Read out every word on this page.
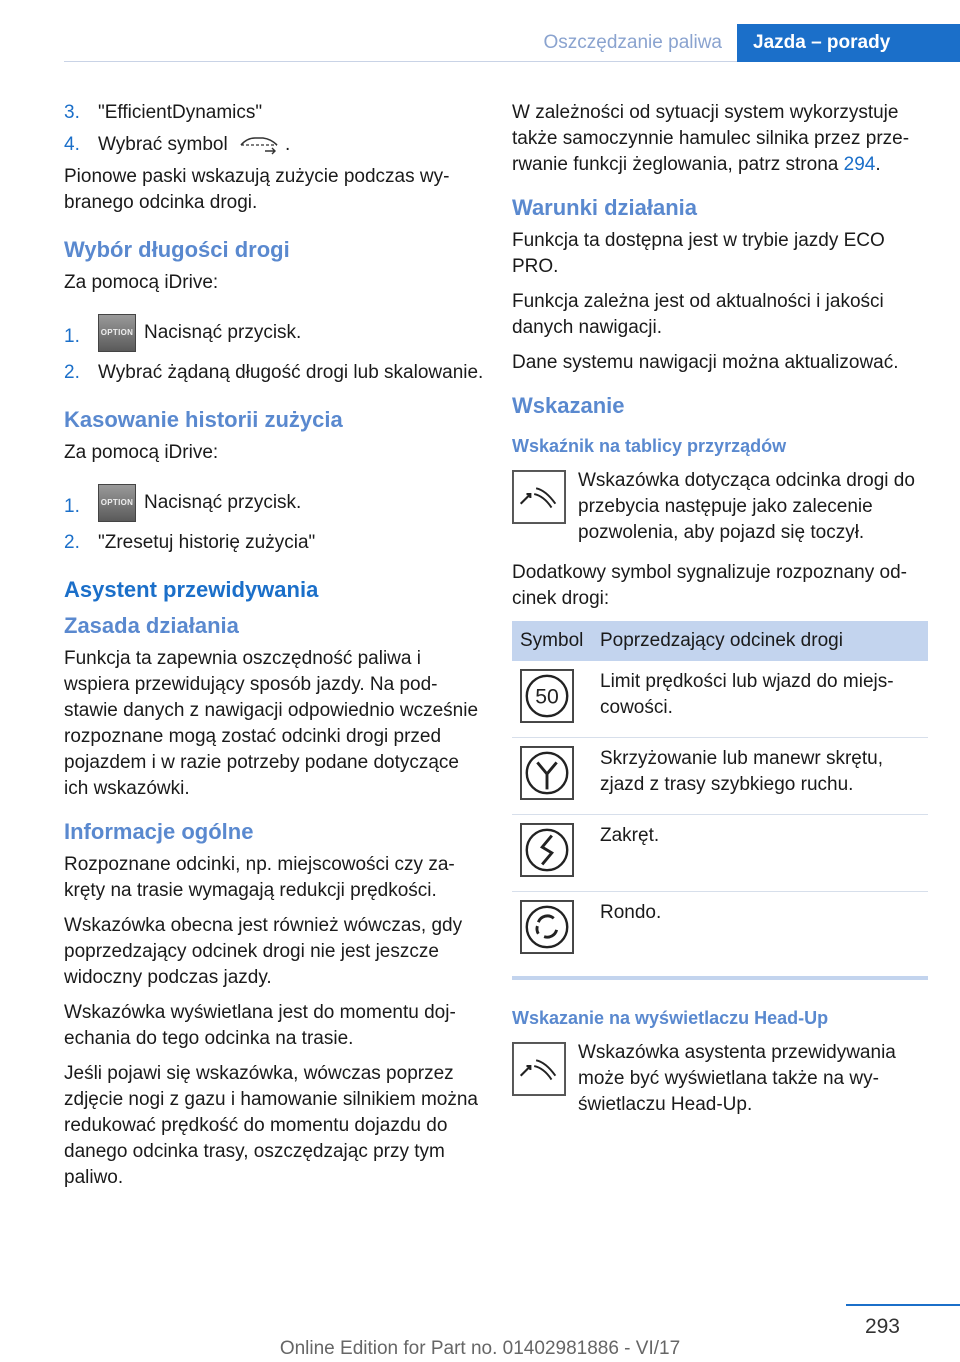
Oszczędzanie paliwa	Jazda – porady
3. "EfficientDynamics"
4. Wybrać symbol	.

Pionowe paski wskazują zużycie podczas wybranego odcinka drogi.

Wybór długości drogi

Za pomocą iDrive:

1.	OPTION Nacisnąć przycisk.
2. Wybrać żądaną długość drogi lub skalowanie.
Kasowanie historii zużycia

Za pomocą iDrive:

1.	OPTION Nacisnąć przycisk.
2. "Zresetuj historię zużycia"
Asystent przewidywania
Zasada działania

Funkcja ta zapewnia oszczędność paliwa i wspiera przewidujący sposób jazdy. Na podstawie danych z nawigacji odpowiednio wcześnie rozpoznane mogą zostać odcinki drogi przed pojazdem i w razie potrzeby podane dotyczące ich wskazówki.

Informacje ogólne

Rozpoznane odcinki, np. miejscowości czy zakręty na trasie wymagają redukcji prędkości.

Wskazówka obecna jest również wówczas, gdy poprzedzający odcinek drogi nie jest jeszcze widoczny podczas jazdy.

Wskazówka wyświetlana jest do momentu dojechania do tego odcinka na trasie.

Jeśli pojawi się wskazówka, wówczas poprzez zdjęcie nogi z gazu i hamowanie silnikiem można redukować prędkość do momentu dojazdu do danego odcinka trasy, oszczędzając przy tym paliwo.

W zależności od sytuacji system wykorzystuje także samoczynnie hamulec silnika przez przerwanie funkcji żeglowania, patrz strona 294.

Warunki działania

Funkcja ta dostępna jest w trybie jazdy ECO PRO.

Funkcja zależna jest od aktualności i jakości danych nawigacji.

Dane systemu nawigacji można aktualizować.

Wskazanie
Wskaźnik na tablicy przyrządów
Wskazówka dotycząca odcinka drogi do przebycia następuje jako zalecenie pozwolenia, aby pojazd się toczył.

Dodatkowy symbol sygnalizuje rozpoznany odcinek drogi:

Symbol	Poprzedzający odcinek drogi

50	Limit prędkości lub wjazd do miejscowości.

	Skrzyżowanie lub manewr skrętu, zjazd z trasy szybkiego ruchu.

	Zakręt.

	Rondo.
Wskazanie na wyświetlaczu Head-Up
Wskazówka asystenta przewidywania może być wyświetlana także na wyświetlaczu Head-Up.
293
Online Edition for Part no. 01402981886 - VI/17
